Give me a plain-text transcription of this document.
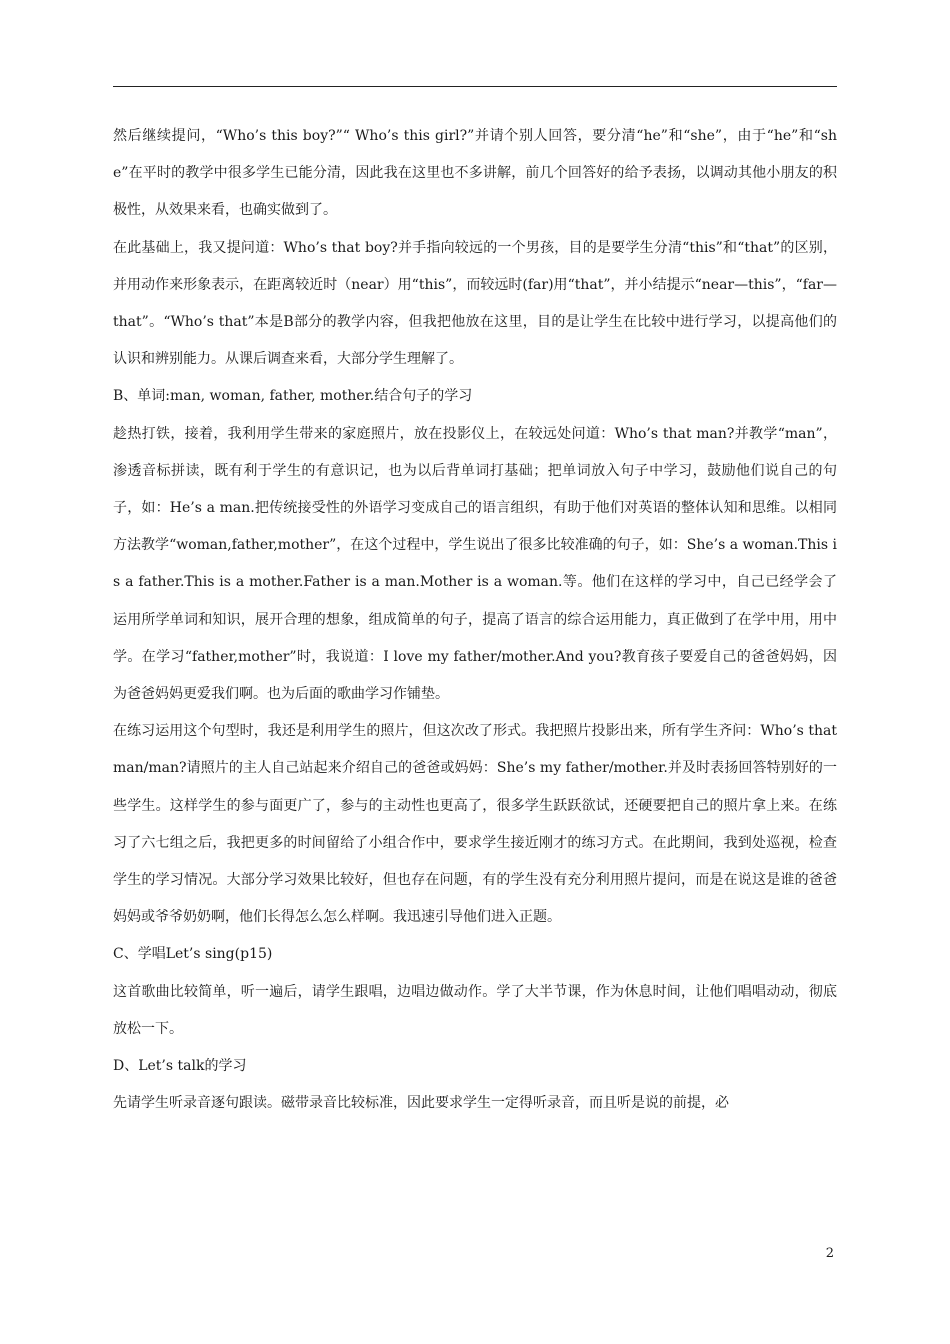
然后继续提问，“Who’s this boy?”“ Who’s this girl?”并请个别人回答，要分清“he”和“she”，由于“he”和“she”在平时的教学中很多学生已能分清，因此我在这里也不多讲解，前几个回答好的给予表扬，以调动其他小朋友的积极性，从效果来看，也确实做到了。

在此基础上，我又提问道：Who’s that boy?并手指向较远的一个男孩，目的是要学生分清“this”和“that”的区别，并用动作来形象表示，在距离较近时（near）用“this”，而较远时(far)用“that”，并小结提示“near—this”，“far—that”。“Who’s that”本是B部分的教学内容，但我把他放在这里，目的是让学生在比较中进行学习，以提高他们的认识和辨别能力。从课后调查来看，大部分学生理解了。

B、单词:man, woman, father, mother.结合句子的学习

趁热打铁，接着，我利用学生带来的家庭照片，放在投影仪上，在较远处问道：Who’s that man?并教学“man”，渗透音标拼读，既有利于学生的有意识记，也为以后背单词打基础；把单词放入句子中学习，鼓励他们说自己的句子，如：He’s a man.把传统接受性的外语学习变成自己的语言组织，有助于他们对英语的整体认知和思维。以相同方法教学“woman,father,mother”，在这个过程中，学生说出了很多比较准确的句子，如：She’s a woman.This is a father.This is a mother.Father is a man.Mother is a woman.等。他们在这样的学习中，自己已经学会了运用所学单词和知识，展开合理的想象，组成简单的句子，提高了语言的综合运用能力，真正做到了在学中用，用中学。在学习“father,mother”时，我说道：I love my father/mother.And you?教育孩子要爱自己的爸爸妈妈，因为爸爸妈妈更爱我们啊。也为后面的歌曲学习作铺垫。

在练习运用这个句型时，我还是利用学生的照片，但这次改了形式。我把照片投影出来，所有学生齐问：Who’s that man/man?请照片的主人自己站起来介绍自己的爸爸或妈妈：She’s my father/mother.并及时表扬回答特别好的一些学生。这样学生的参与面更广了，参与的主动性也更高了，很多学生跃跃欲试，还硬要把自己的照片拿上来。在练习了六七组之后，我把更多的时间留给了小组合作中，要求学生接近刚才的练习方式。在此期间，我到处巡视，检查学生的学习情况。大部分学习效果比较好，但也存在问题，有的学生没有充分利用照片提问，而是在说这是谁的爸爸妈妈或爷爷奶奶啊，他们长得怎么怎么样啊。我迅速引导他们进入正题。

C、学唱Let’s sing(p15)

这首歌曲比较简单，听一遍后，请学生跟唱，边唱边做动作。学了大半节课，作为休息时间，让他们唱唱动动，彻底放松一下。

D、Let’s talk的学习

先请学生听录音逐句跟读。磁带录音比较标准，因此要求学生一定得听录音，而且听是说的前提，必

2
